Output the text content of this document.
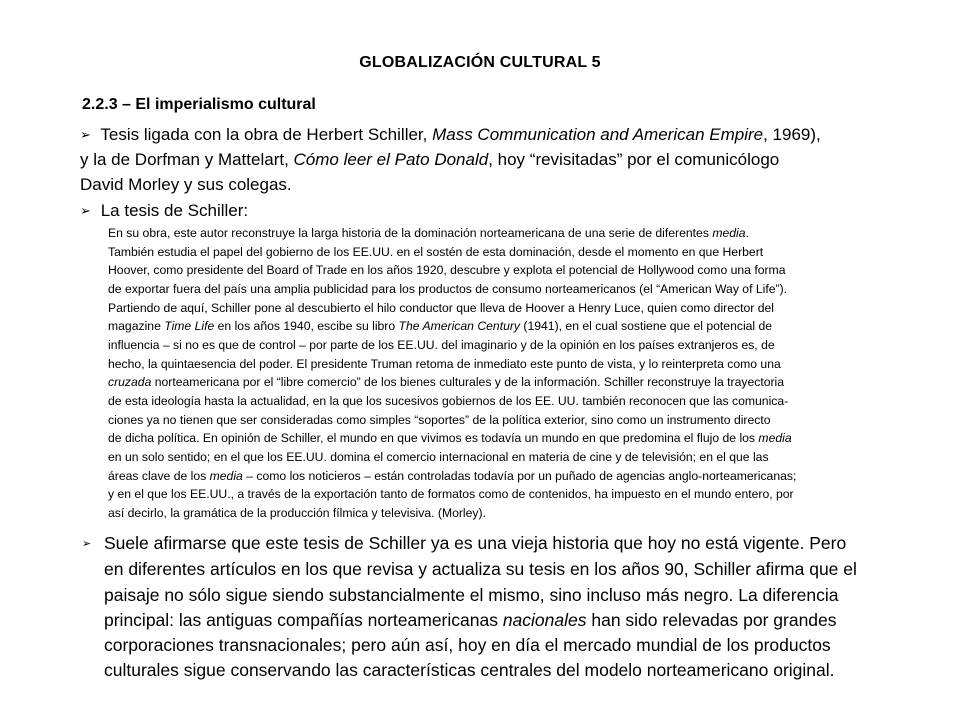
GLOBALIZACIÓN CULTURAL 5
2.2.3 – El imperialismo cultural
➢ Tesis ligada con la obra de Herbert Schiller, Mass Communication and American Empire, 1969),
y la de Dorfman y Mattelart, Cómo leer el Pato Donald, hoy “revisitadas” por el comunicólogo
David Morley y sus colegas.
➢ La tesis de Schiller:
En su obra, este autor reconstruye la larga historia de la dominación norteamericana de una serie de diferentes media.
También estudia el papel del gobierno de los EE.UU. en el sostén de esta dominación, desde el momento en que Herbert
Hoover, como presidente del Board of Trade en los años 1920, descubre y explota el potencial de Hollywood como una forma
de exportar fuera del país una amplia publicidad para los productos de consumo norteamericanos (el “American Way of Life”).
Partiendo de aquí, Schiller pone al descubierto el hilo conductor que lleva de Hoover a Henry Luce, quien como director del
magazine Time Life en los años 1940, escibe su libro The American Century (1941), en el cual sostiene que el potencial de
influencia – si no es que de control – por parte de los EE.UU. del imaginario y de la opinión en los países extranjeros es, de
hecho, la quintaesencia del poder. El presidente Truman retoma de inmediato este punto de vista, y lo reinterpreta como una
cruzada norteamericana por el “libre comercio” de los bienes culturales y de la información. Schiller reconstruye la trayectoria
de esta ideología hasta la actualidad, en la que los sucesivos gobiernos de los EE. UU. también reconocen que las comunica-
ciones ya no tienen que ser consideradas como simples “soportes” de la política exterior, sino como un instrumento directo
de dicha política. En opinión de Schiller, el mundo en que vivimos es todavía un mundo en que predomina el flujo de los media
en un solo sentido; en el que los EE.UU. domina el comercio internacional en materia de cine y de televisión; en el que las
áreas clave de los media – como los noticieros – están controladas todavía por un puñado de agencias anglo-norteamericanas;
y en el que los EE.UU., a través de la exportación tanto de formatos como de contenidos, ha impuesto en el mundo entero, por
así decirlo, la gramática de la producción fílmica y televisiva. (Morley).
➢ Suele afirmarse que este tesis de Schiller ya es una vieja historia que hoy no está vigente. Pero
en diferentes artículos en los que revisa y actualiza su tesis en los años 90, Schiller afirma que el
paisaje no sólo sigue siendo substancialmente el mismo, sino incluso más negro. La diferencia
principal: las antiguas compañías norteamericanas nacionales han sido relevadas por grandes
corporaciones transnacionales; pero aún así, hoy en día el mercado mundial de los productos
culturales sigue conservando las características centrales del modelo norteamericano original.
